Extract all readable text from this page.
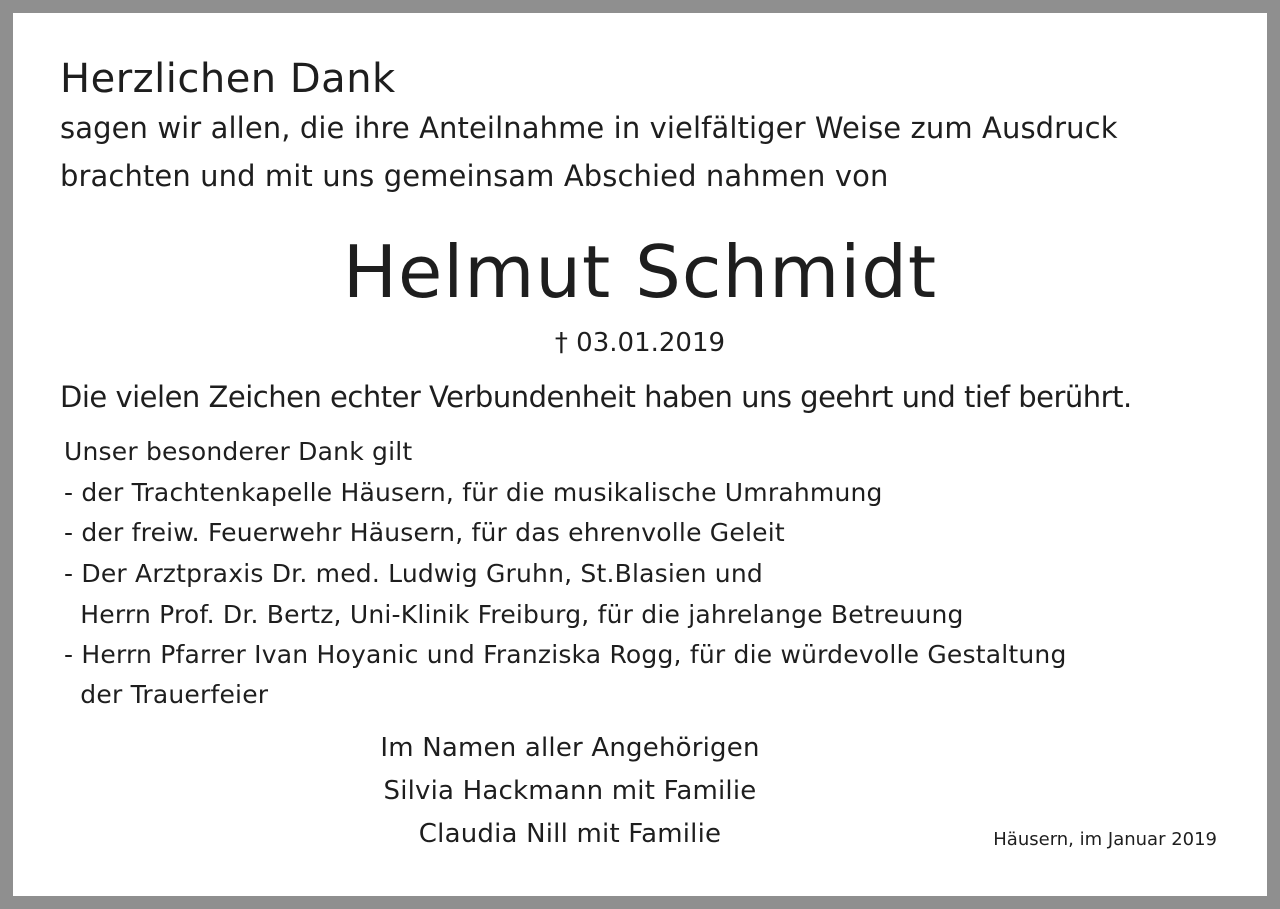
Herzlichen Dank
sagen wir allen, die ihre Anteilnahme in vielfältiger Weise zum Ausdruck
brachten und mit uns gemeinsam Abschied nahmen von
Helmut Schmidt
† 03.01.2019
Die vielen Zeichen echter Verbundenheit haben uns geehrt und tief berührt.
Unser besonderer Dank gilt
- der Trachtenkapelle Häusern, für die musikalische Umrahmung
- der freiw. Feuerwehr Häusern, für das ehrenvolle Geleit
- Der Arztpraxis Dr. med. Ludwig Gruhn, St.Blasien und
Herrn Prof. Dr. Bertz, Uni-Klinik Freiburg, für die jahrelange Betreuung
- Herrn Pfarrer Ivan Hoyanic und Franziska Rogg, für die würdevolle Gestaltung
der Trauerfeier
Im Namen aller Angehörigen
Silvia Hackmann mit Familie
Claudia Nill mit Familie	Häusern, im Januar 2019
